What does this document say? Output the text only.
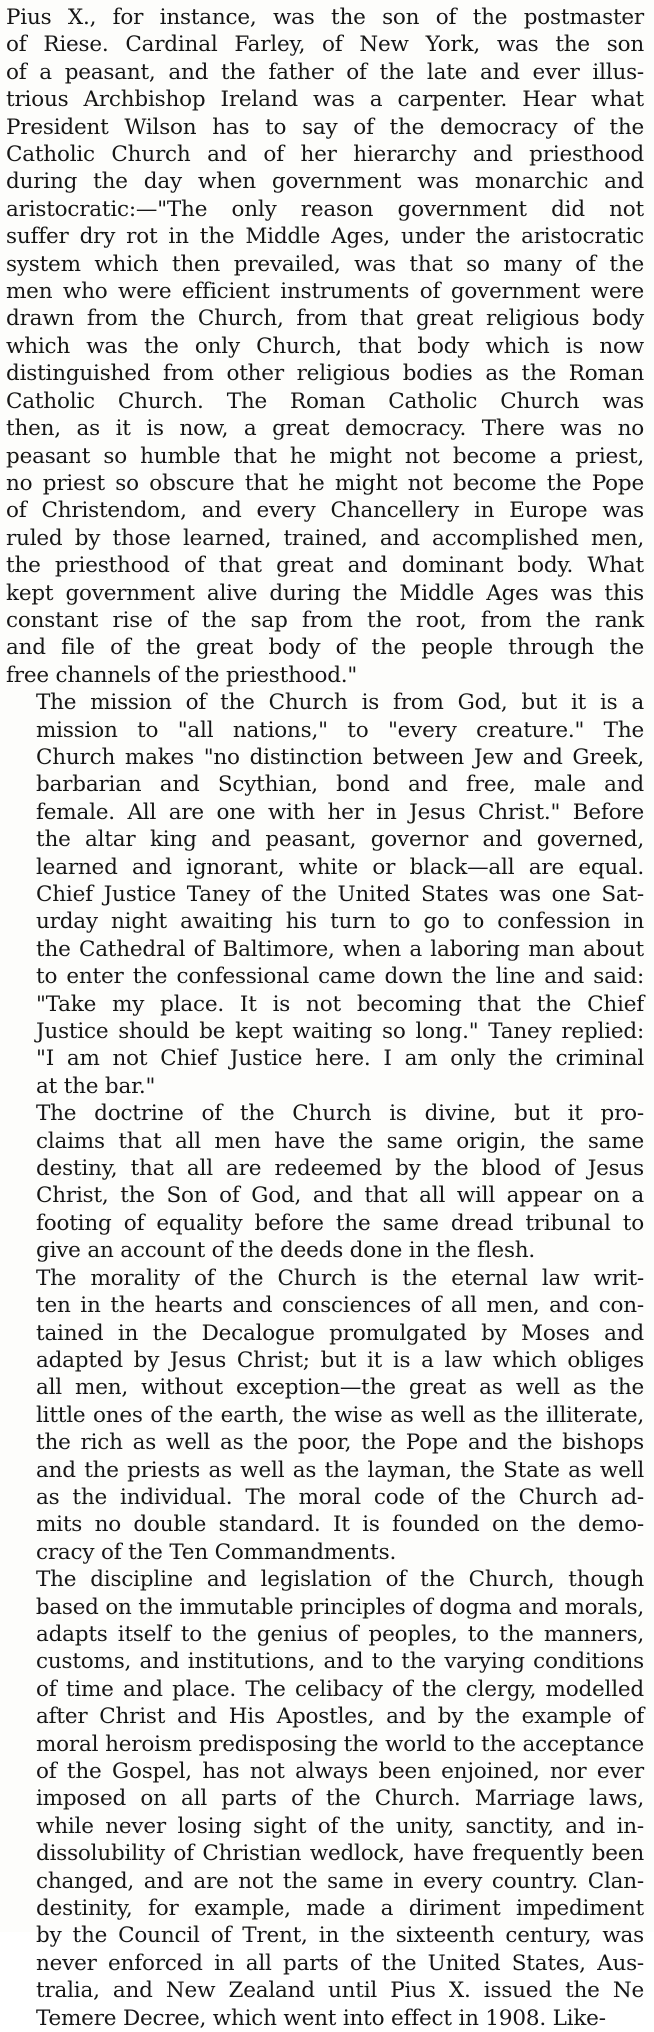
Pius X., for instance, was the son of the postmaster
of Riese. Cardinal Farley, of New York, was the son
of a peasant, and the father of the late and ever illus-
trious Archbishop Ireland was a carpenter. Hear what
President Wilson has to say of the democracy of the
Catholic Church and of her hierarchy and priesthood
during the day when government was monarchic and
aristocratic:—"The only reason government did not
suffer dry rot in the Middle Ages, under the aristocratic
system which then prevailed, was that so many of the
men who were efficient instruments of government were
drawn from the Church, from that great religious body
which was the only Church, that body which is now
distinguished from other religious bodies as the Roman
Catholic Church. The Roman Catholic Church was
then, as it is now, a great democracy. There was no
peasant so humble that he might not become a priest,
no priest so obscure that he might not become the Pope
of Christendom, and every Chancellery in Europe was
ruled by those learned, trained, and accomplished men,
the priesthood of that great and dominant body. What
kept government alive during the Middle Ages was this
constant rise of the sap from the root, from the rank
and file of the great body of the people through the
free channels of the priesthood."
The mission of the Church is from God, but it is a
mission to "all nations," to "every creature." The
Church makes "no distinction between Jew and Greek,
barbarian and Scythian, bond and free, male and
female. All are one with her in Jesus Christ." Before
the altar king and peasant, governor and governed,
learned and ignorant, white or black—all are equal.
Chief Justice Taney of the United States was one Sat-
urday night awaiting his turn to go to confession in
the Cathedral of Baltimore, when a laboring man about
to enter the confessional came down the line and said:
"Take my place. It is not becoming that the Chief
Justice should be kept waiting so long." Taney replied:
"I am not Chief Justice here. I am only the criminal
at the bar."
The doctrine of the Church is divine, but it pro-
claims that all men have the same origin, the same
destiny, that all are redeemed by the blood of Jesus
Christ, the Son of God, and that all will appear on a
footing of equality before the same dread tribunal to
give an account of the deeds done in the flesh.
The morality of the Church is the eternal law writ-
ten in the hearts and consciences of all men, and con-
tained in the Decalogue promulgated by Moses and
adapted by Jesus Christ; but it is a law which obliges
all men, without exception—the great as well as the
little ones of the earth, the wise as well as the illiterate,
the rich as well as the poor, the Pope and the bishops
and the priests as well as the layman, the State as well
as the individual. The moral code of the Church ad-
mits no double standard. It is founded on the demo-
cracy of the Ten Commandments.
The discipline and legislation of the Church, though
based on the immutable principles of dogma and morals,
adapts itself to the genius of peoples, to the manners,
customs, and institutions, and to the varying conditions
of time and place. The celibacy of the clergy, modelled
after Christ and His Apostles, and by the example of
moral heroism predisposing the world to the acceptance
of the Gospel, has not always been enjoined, nor ever
imposed on all parts of the Church. Marriage laws,
while never losing sight of the unity, sanctity, and in-
dissolubility of Christian wedlock, have frequently been
changed, and are not the same in every country. Clan-
destinity, for example, made a diriment impediment
by the Council of Trent, in the sixteenth century, was
never enforced in all parts of the United States, Aus-
tralia, and New Zealand until Pius X. issued the Ne
Temere Decree, which went into effect in 1908. Like-
